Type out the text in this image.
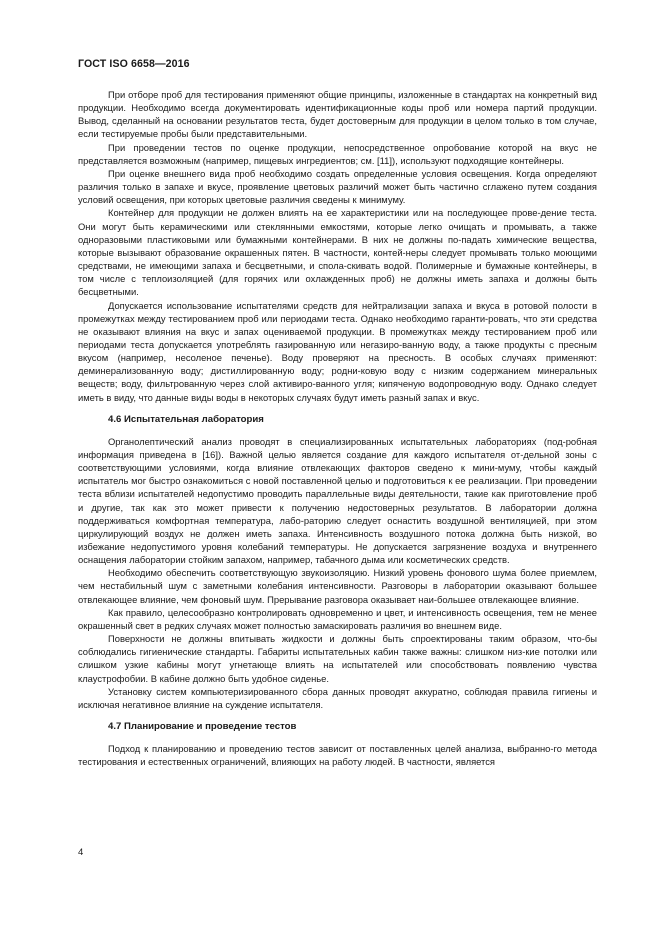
ГОСТ ISO 6658—2016

При отборе проб для тестирования применяют общие принципы, изложенные в стандартах на конкретный вид продукции. Необходимо всегда документировать идентификационные коды проб или номера партий продукции. Вывод, сделанный на основании результатов теста, будет достоверным для продукции в целом только в том случае, если тестируемые пробы были представительными.

При проведении тестов по оценке продукции, непосредственное опробование которой на вкус не представляется возможным (например, пищевых ингредиентов; см. [11]), используют подходящие контейнеры.

При оценке внешнего вида проб необходимо создать определенные условия освещения. Когда определяют различия только в запахе и вкусе, проявление цветовых различий может быть частично сглажено путем создания условий освещения, при которых цветовые различия сведены к минимуму.

Контейнер для продукции не должен влиять на ее характеристики или на последующее прове-дение теста. Они могут быть керамическими или стеклянными емкостями, которые легко очищать и промывать, а также одноразовыми пластиковыми или бумажными контейнерами. В них не должны по-падать химические вещества, которые вызывают образование окрашенных пятен. В частности, контей-неры следует промывать только моющими средствами, не имеющими запаха и бесцветными, и спола-скивать водой. Полимерные и бумажные контейнеры, в том числе с теплоизоляцией (для горячих или охлажденных проб) не должны иметь запаха и должны быть бесцветными.

Допускается использование испытателями средств для нейтрализации запаха и вкуса в ротовой полости в промежутках между тестированием проб или периодами теста. Однако необходимо гаранти-ровать, что эти средства не оказывают влияния на вкус и запах оцениваемой продукции. В промежутках между тестированием проб или периодами теста допускается употреблять газированную или негазиро-ванную воду, а также продукты с пресным вкусом (например, несоленое печенье). Воду проверяют на пресность. В особых случаях применяют: деминерализованную воду; дистиллированную воду; родни-ковую воду с низким содержанием минеральных веществ; воду, фильтрованную через слой активиро-ванного угля; кипяченую водопроводную воду. Однако следует иметь в виду, что данные виды воды в некоторых случаях будут иметь разный запах и вкус.

4.6 Испытательная лаборатория

Органолептический анализ проводят в специализированных испытательных лабораториях (под-робная информация приведена в [16]). Важной целью является создание для каждого испытателя от-дельной зоны с соответствующими условиями, когда влияние отвлекающих факторов сведено к мини-муму, чтобы каждый испытатель мог быстро ознакомиться с новой поставленной целью и подготовиться к ее реализации. При проведении теста вблизи испытателей недопустимо проводить параллельные виды деятельности, такие как приготовление проб и другие, так как это может привести к получению недостоверных результатов. В лаборатории должна поддерживаться комфортная температура, лабо-раторию следует оснастить воздушной вентиляцией, при этом циркулирующий воздух не должен иметь запаха. Интенсивность воздушного потока должна быть низкой, во избежание недопустимого уровня колебаний температуры. Не допускается загрязнение воздуха и внутреннего оснащения лаборатории стойким запахом, например, табачного дыма или косметических средств.

Необходимо обеспечить соответствующую звукоизоляцию. Низкий уровень фонового шума более приемлем, чем нестабильный шум с заметными колебания интенсивности. Разговоры в лаборатории оказывают большее отвлекающее влияние, чем фоновый шум. Прерывание разговора оказывает наи-большее отвлекающее влияние.

Как правило, целесообразно контролировать одновременно и цвет, и интенсивность освещения, тем не менее окрашенный свет в редких случаях может полностью замаскировать различия во внешнем виде.

Поверхности не должны впитывать жидкости и должны быть спроектированы таким образом, что-бы соблюдались гигиенические стандарты. Габариты испытательных кабин также важны: слишком низ-кие потолки или слишком узкие кабины могут угнетающе влиять на испытателей или способствовать появлению чувства клаустрофобии. В кабине должно быть удобное сиденье.

Установку систем компьютеризированного сбора данных проводят аккуратно, соблюдая правила гигиены и исключая негативное влияние на суждение испытателя.

4.7 Планирование и проведение тестов

Подход к планированию и проведению тестов зависит от поставленных целей анализа, выбранно-го метода тестирования и естественных ограничений, влияющих на работу людей. В частности, является

4
